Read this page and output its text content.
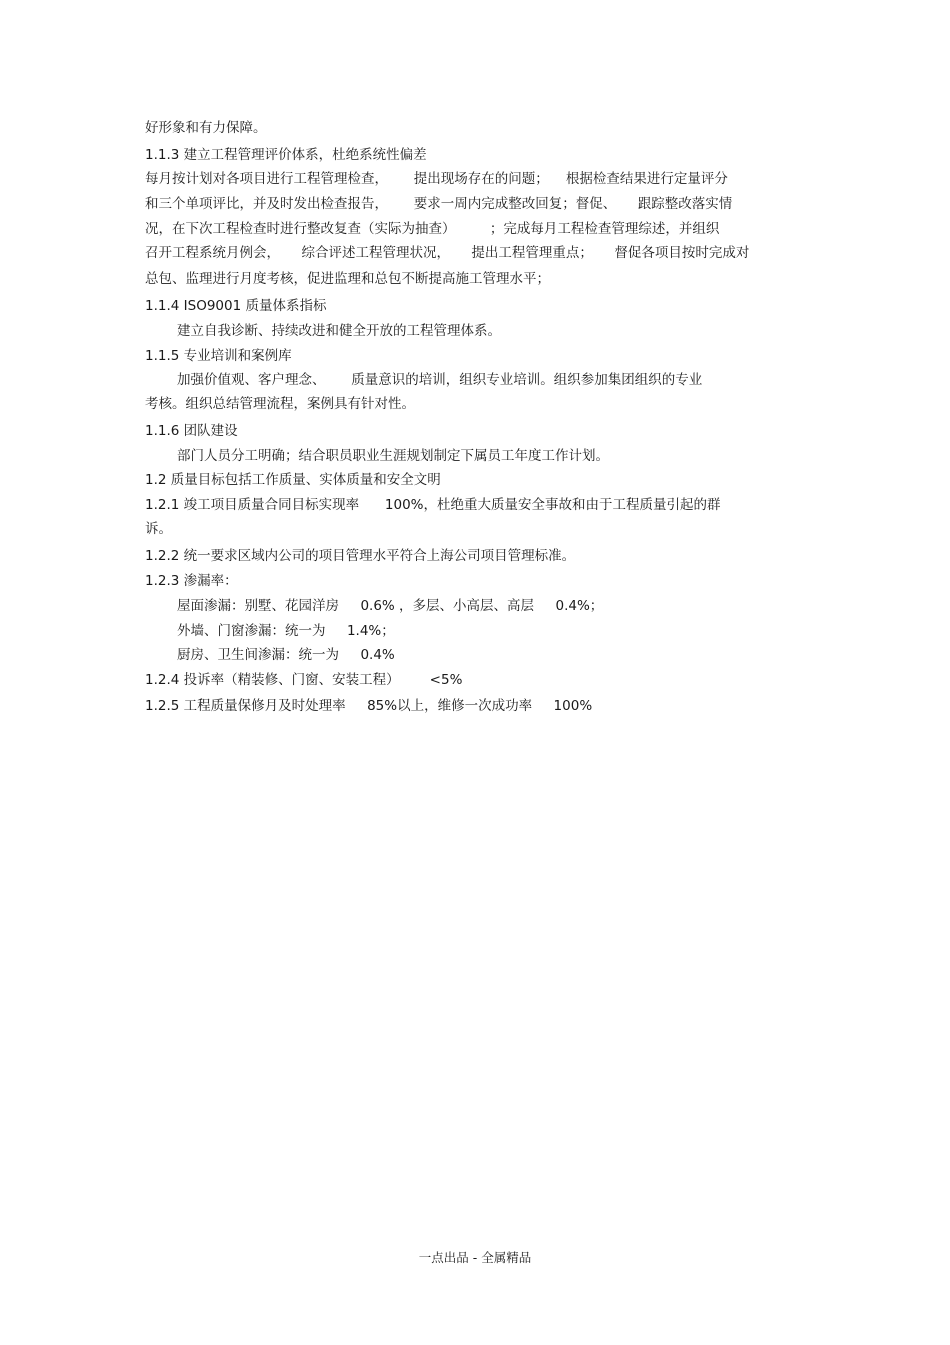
好形象和有力保障。
1.1.3 建立工程管理评价体系，杜绝系统性偏差
每月按计划对各项目进行工程管理检查，      提出现场存在的问题；    根据检查结果进行定量评分
和三个单项评比，并及时发出检查报告，      要求一周内完成整改回复；督促、     跟踪整改落实情
况，在下次工程检查时进行整改复查（实际为抽查）        ；完成每月工程检查管理综述，并组织
召开工程系统月例会，     综合评述工程管理状况，     提出工程管理重点；     督促各项目按时完成对
总包、监理进行月度考核，促进监理和总包不断提高施工管理水平；
1.1.4 ISO9001 质量体系指标
建立自我诊断、持续改进和健全开放的工程管理体系。
1.1.5 专业培训和案例库
加强价值观、客户理念、      质量意识的培训，组织专业培训。组织参加集团组织的专业
考核。组织总结管理流程，案例具有针对性。
1.1.6 团队建设
部门人员分工明确；结合职员职业生涯规划制定下属员工年度工作计划。
1.2 质量目标包括工作质量、实体质量和安全文明
1.2.1 竣工项目质量合同目标实现率      100%，杜绝重大质量安全事故和由于工程质量引起的群
诉。
1.2.2 统一要求区域内公司的项目管理水平符合上海公司项目管理标准。
1.2.3 渗漏率：
屋面渗漏：别墅、花园洋房     0.6% ，多层、小高层、高层     0.4%；
外墙、门窗渗漏：统一为     1.4%；
厨房、卫生间渗漏：统一为     0.4%
1.2.4 投诉率（精装修、门窗、安装工程）       <5%
1.2.5 工程质量保修月及时处理率     85%以上，维修一次成功率     100%
一点出品 - 全属精品
